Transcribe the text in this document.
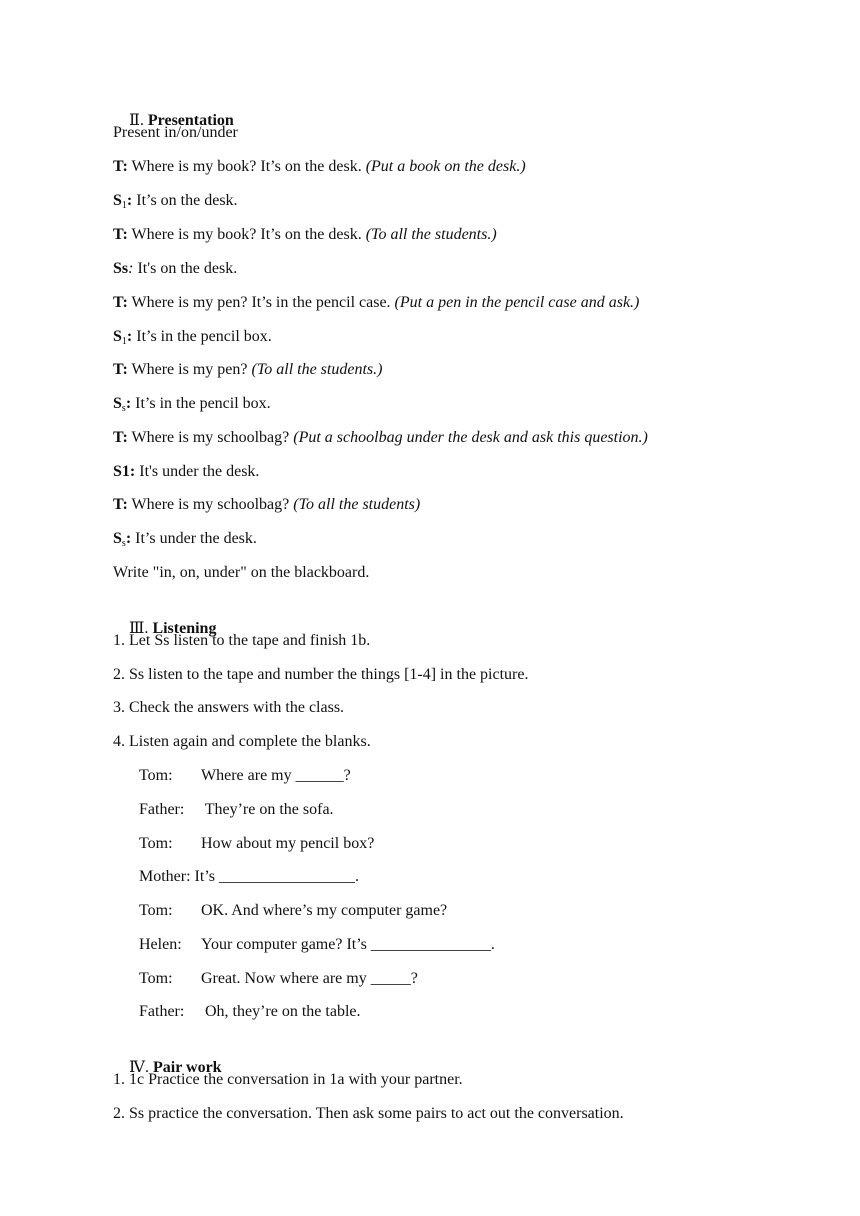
Ⅱ. Presentation

Present in/on/under
T: Where is my book? It’s on the desk. (Put a book on the desk.)
$S_1$: It’s on the desk.
T: Where is my book? It’s on the desk. (To all the students.)
Ss: It's on the desk.
T: Where is my pen? It’s in the pencil case. (Put a pen in the pencil case and ask.)
$S_1$: It’s in the pencil box.
T: Where is my pen? (To all the students.)
$S_s$: It’s in the pencil box.
T: Where is my schoolbag? (Put a schoolbag under the desk and ask this question.)
S1: It's under the desk.
T: Where is my schoolbag? (To all the students)
$S_s$: It’s under the desk.
Write "in, on, under" on the blackboard.

Ⅲ. Listening

1. Let Ss listen to the tape and finish 1b.
2. Ss listen to the tape and number the things [1-4] in the picture.
3. Check the answers with the class.
4. Listen again and complete the blanks.
Tom: Where are my ______?
Father: They’re on the sofa.
Tom: How about my pencil box?
Mother: It’s _________________.
Tom: OK. And where’s my computer game?
Helen: Your computer game? It’s _______________.
Tom: Great. Now where are my _____?
Father: Oh, they’re on the table.

Ⅳ. Pair work

1. 1c Practice the conversation in 1a with your partner.
2. Ss practice the conversation. Then ask some pairs to act out the conversation.
